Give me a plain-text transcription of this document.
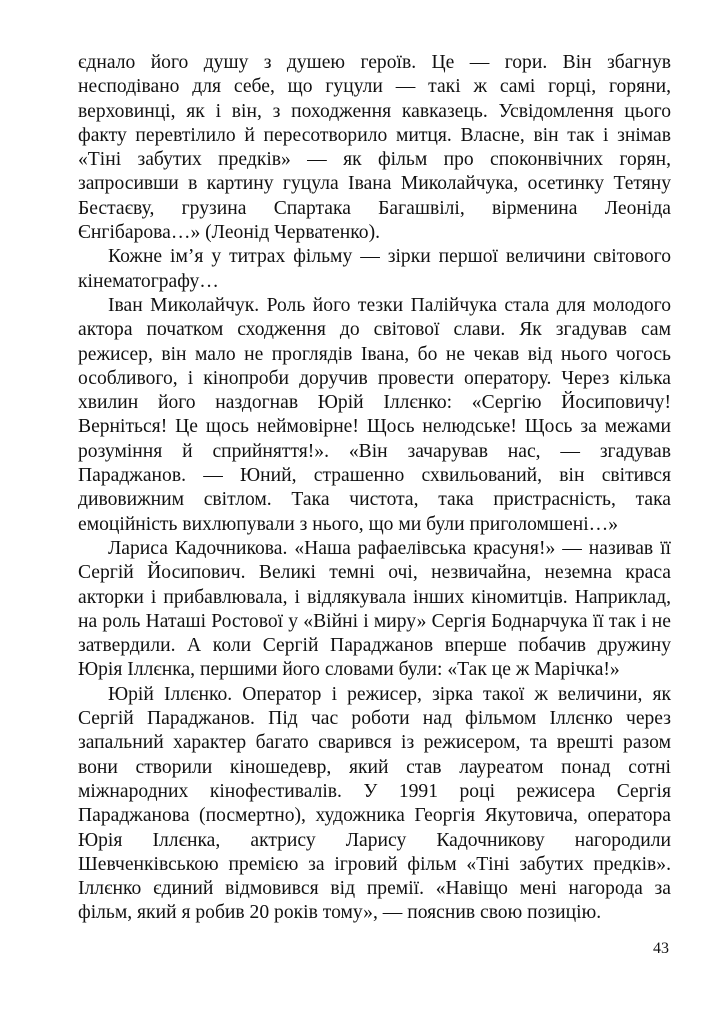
єднало його душу з душею героїв. Це — гори. Він збагнув несподівано для себе, що гуцули — такі ж самі горці, горяни, верховинці, як і він, з походження кавказець. Усвідомлення цього факту перевтілило й пересотворило митця. Власне, він так і знімав «Тіні забутих предків» — як фільм про споконвічних горян, запросивши в картину гуцула Івана Миколайчука, осетинку Тетяну Бестаєву, грузина Спартака Багашвілі, вірменина Леоніда Єнгібарова…» (Леонід Черватенко).

Кожне ім’я у титрах фільму — зірки першої величини світового кінематографу…

Іван Миколайчук. Роль його тезки Палійчука стала для молодого актора початком сходження до світової слави. Як згадував сам режисер, він мало не проглядів Івана, бо не чекав від нього чогось особливого, і кінопроби доручив провести оператору. Через кілька хвилин його наздогнав Юрій Іллєнко: «Сергію Йосиповичу! Верніться! Це щось неймовірне! Щось нелюдське! Щось за межами розуміння й сприйняття!». «Він зачарував нас, — згадував Параджанов. — Юний, страшенно схвильований, він світився дивовижним світлом. Така чистота, така пристрасність, така емоційність вихлюпували з нього, що ми були приголомшені…»

Лариса Кадочникова. «Наша рафаелівська красуня!» — називав її Сергій Йосипович. Великі темні очі, незвичайна, неземна краса акторки і прибавлювала, і відлякувала інших кіномитців. Наприклад, на роль Наташі Ростової у «Війні і миру» Сергія Боднарчука її так і не затвердили. А коли Сергій Параджанов вперше побачив дружину Юрія Іллєнка, першими його словами були: «Так це ж Марічка!»

Юрій Іллєнко. Оператор і режисер, зірка такої ж величини, як Сергій Параджанов. Під час роботи над фільмом Іллєнко через запальний характер багато сварився із режисером, та врешті разом вони створили кіношедевр, який став лауреатом понад сотні міжнародних кінофестивалів. У 1991 році режисера Сергія Параджанова (посмертно), художника Георгія Якутовича, оператора Юрія Іллєнка, актрису Ларису Кадочникову нагородили Шевченківською премією за ігровий фільм «Тіні забутих предків». Іллєнко єдиний відмовився від премії. «Навіщо мені нагорода за фільм, який я робив 20 років тому», — пояснив свою позицію.

43
